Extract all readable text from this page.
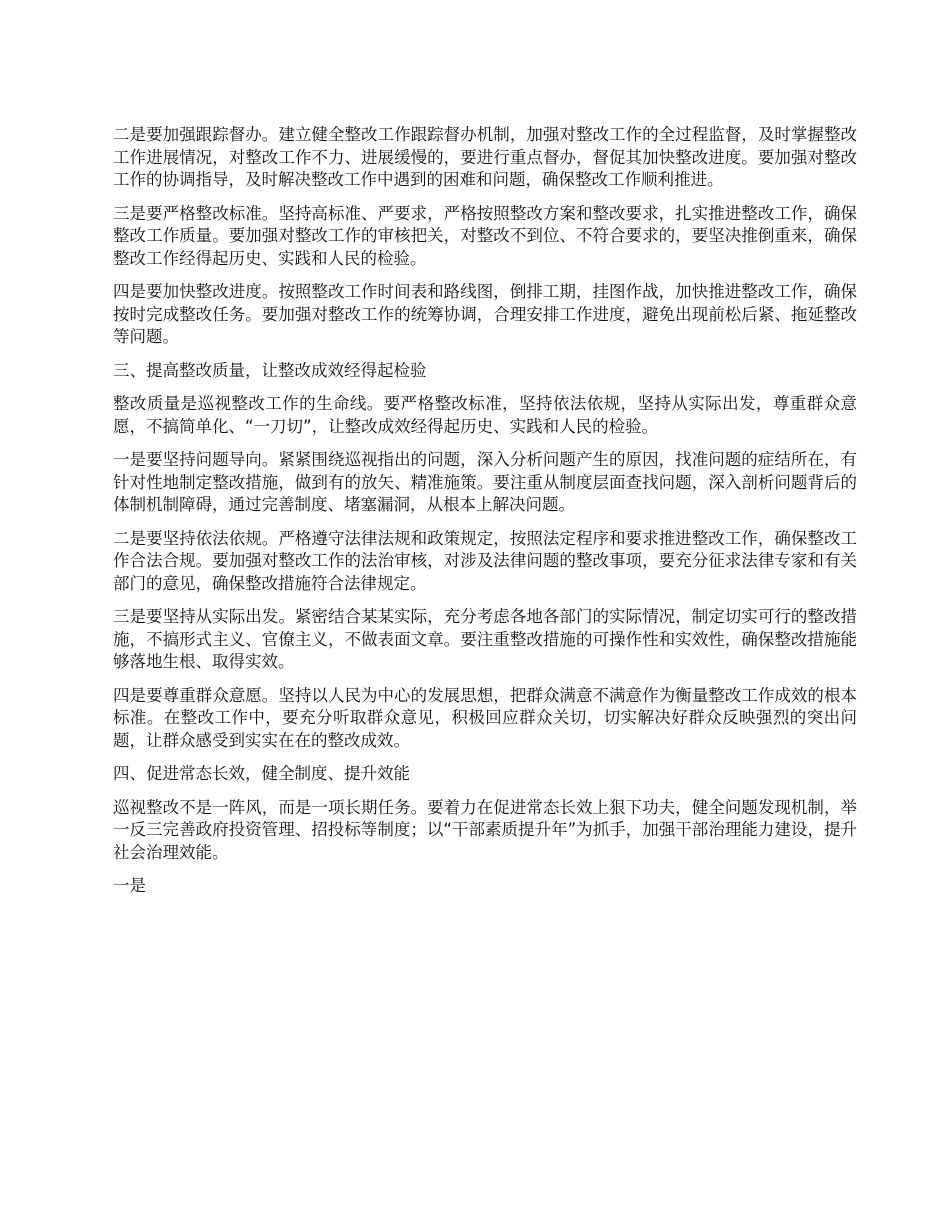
二是要加强跟踪督办。建立健全整改工作跟踪督办机制，加强对整改工作的全过程监督，及时掌握整改工作进展情况，对整改工作不力、进展缓慢的，要进行重点督办，督促其加快整改进度。要加强对整改工作的协调指导，及时解决整改工作中遇到的困难和问题，确保整改工作顺利推进。

三是要严格整改标准。坚持高标准、严要求，严格按照整改方案和整改要求，扎实推进整改工作，确保整改工作质量。要加强对整改工作的审核把关，对整改不到位、不符合要求的，要坚决推倒重来，确保整改工作经得起历史、实践和人民的检验。

四是要加快整改进度。按照整改工作时间表和路线图，倒排工期，挂图作战，加快推进整改工作，确保按时完成整改任务。要加强对整改工作的统筹协调，合理安排工作进度，避免出现前松后紧、拖延整改等问题。

三、提高整改质量，让整改成效经得起检验

整改质量是巡视整改工作的生命线。要严格整改标准，坚持依法依规，坚持从实际出发，尊重群众意愿，不搞简单化、“一刀切”，让整改成效经得起历史、实践和人民的检验。

一是要坚持问题导向。紧紧围绕巡视指出的问题，深入分析问题产生的原因，找准问题的症结所在，有针对性地制定整改措施，做到有的放矢、精准施策。要注重从制度层面查找问题，深入剖析问题背后的体制机制障碍，通过完善制度、堵塞漏洞，从根本上解决问题。

二是要坚持依法依规。严格遵守法律法规和政策规定，按照法定程序和要求推进整改工作，确保整改工作合法合规。要加强对整改工作的法治审核，对涉及法律问题的整改事项，要充分征求法律专家和有关部门的意见，确保整改措施符合法律规定。

三是要坚持从实际出发。紧密结合某某实际，充分考虑各地各部门的实际情况，制定切实可行的整改措施，不搞形式主义、官僚主义，不做表面文章。要注重整改措施的可操作性和实效性，确保整改措施能够落地生根、取得实效。

四是要尊重群众意愿。坚持以人民为中心的发展思想，把群众满意不满意作为衡量整改工作成效的根本标准。在整改工作中，要充分听取群众意见，积极回应群众关切，切实解决好群众反映强烈的突出问题，让群众感受到实实在在的整改成效。

四、促进常态长效，健全制度、提升效能

巡视整改不是一阵风，而是一项长期任务。要着力在促进常态长效上狠下功夫，健全问题发现机制，举一反三完善政府投资管理、招投标等制度；以“干部素质提升年”为抓手，加强干部治理能力建设，提升社会治理效能。

一是
